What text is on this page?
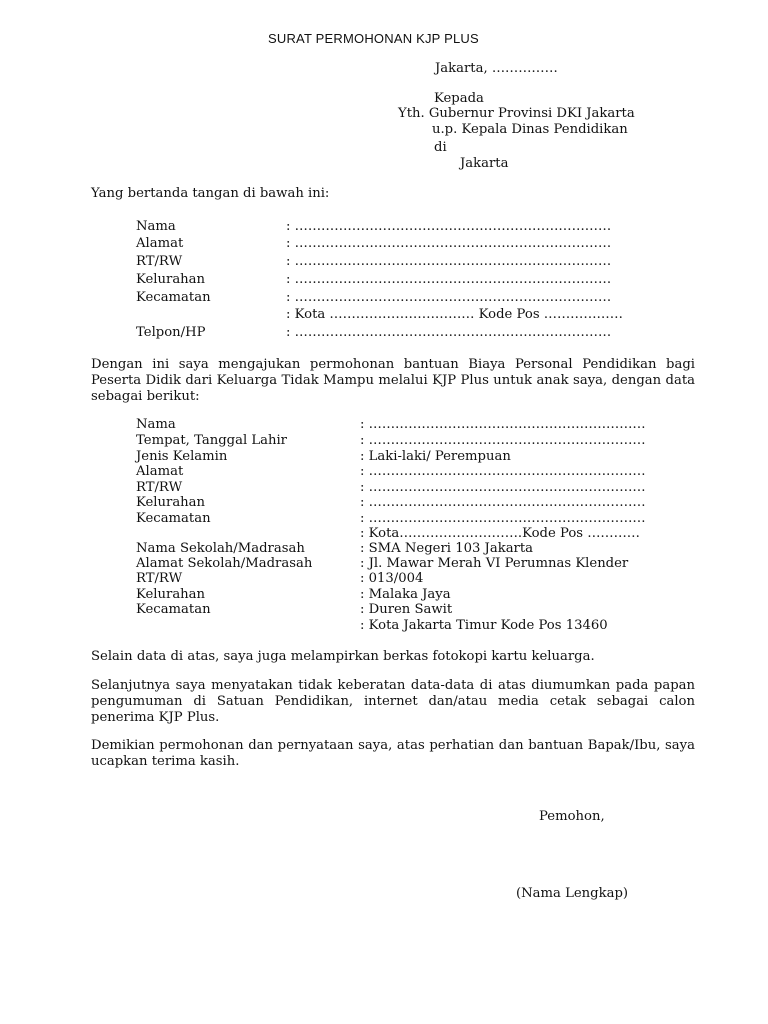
SURAT PERMOHONAN KJP PLUS
Jakarta, ……………
Kepada
Yth. Gubernur Provinsi DKI Jakarta
u.p. Kepala Dinas Pendidikan
di
Jakarta
Yang bertanda tangan di bawah ini:
Nama	: ………………………………………………………………
Alamat	: ………………………………………………………………
RT/RW	: ………………………………………………………………
Kelurahan	: ………………………………………………………………
Kecamatan	: ………………………………………………………………
: Kota …………………………… Kode Pos ………………
Telpon/HP	: ………………………………………………………………
Dengan ini saya mengajukan permohonan bantuan Biaya Personal Pendidikan bagi Peserta Didik dari Keluarga Tidak Mampu melalui KJP Plus untuk anak saya, dengan data sebagai berikut:
Nama	: ………………………………………………………
Tempat, Tanggal Lahir	: ………………………………………………………
Jenis Kelamin	: Laki-laki/ Perempuan
Alamat	: ………………………………………………………
RT/RW	: ………………………………………………………
Kelurahan	: ………………………………………………………
Kecamatan	: ………………………………………………………
: Kota……………………….Kode Pos …………
Nama Sekolah/Madrasah	: SMA Negeri 103 Jakarta
Alamat Sekolah/Madrasah	: Jl. Mawar Merah VI Perumnas Klender
RT/RW	: 013/004
Kelurahan	: Malaka Jaya
Kecamatan	: Duren Sawit
: Kota Jakarta Timur Kode Pos 13460
Selain data di atas, saya juga melampirkan berkas fotokopi kartu keluarga.
Selanjutnya saya menyatakan tidak keberatan data-data di atas diumumkan pada papan pengumuman di Satuan Pendidikan, internet dan/atau media cetak sebagai calon penerima KJP Plus.
Demikian permohonan dan pernyataan saya, atas perhatian dan bantuan Bapak/Ibu, saya ucapkan terima kasih.
Pemohon,
(Nama Lengkap)
